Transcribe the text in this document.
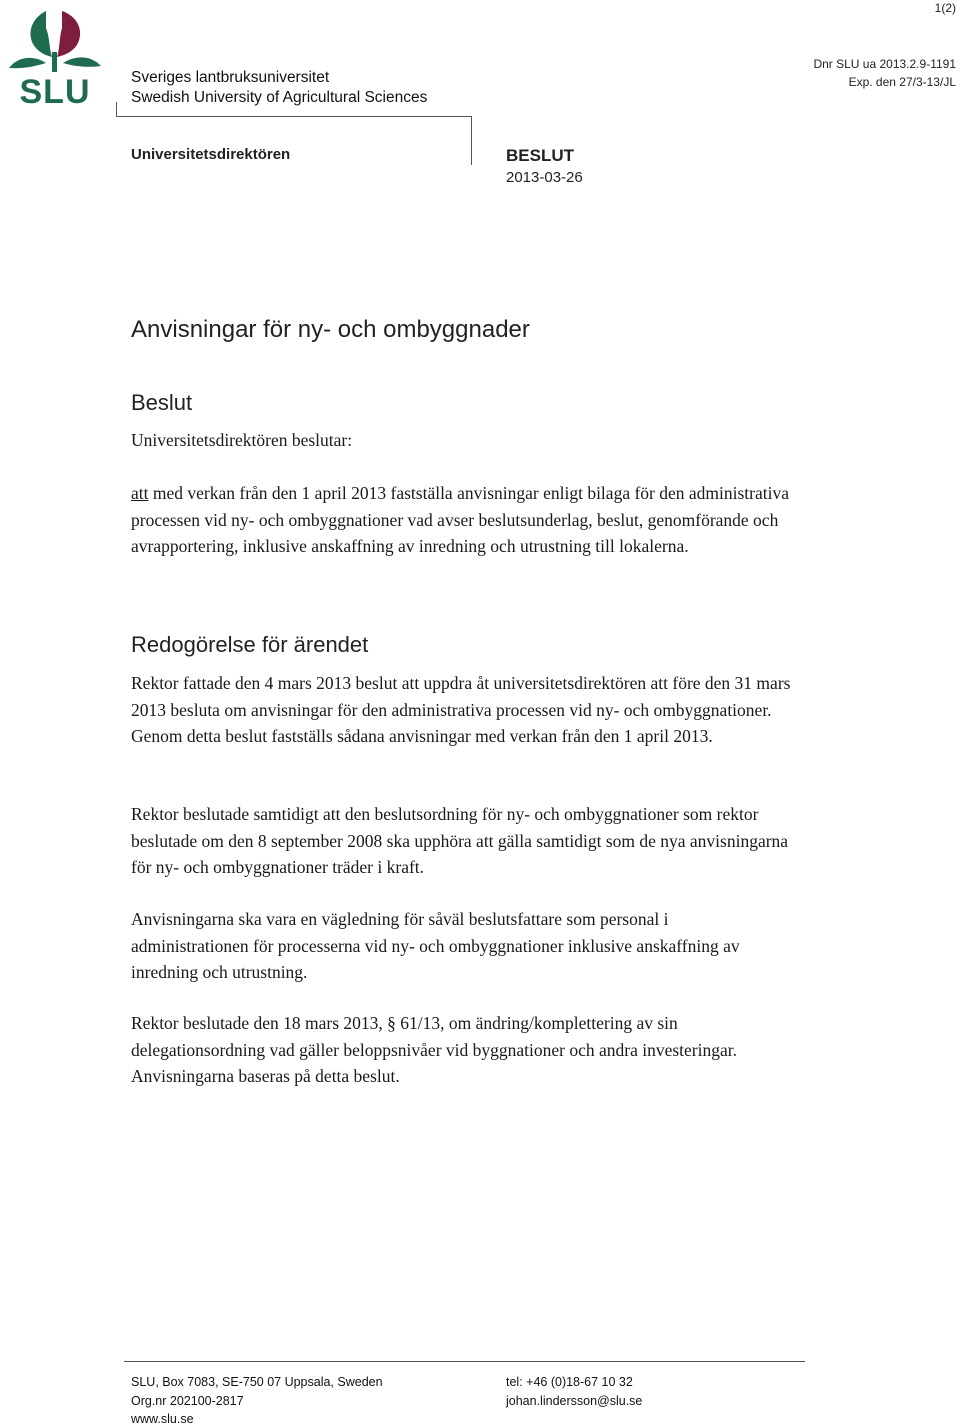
1(2)
SLU	Sveriges lantbruksuniversitet
Swedish University of Agricultural Sciences
Dnr SLU ua 2013.2.9-1191
Exp. den 27/3-13/JL
Universitetsdirektören	BESLUT
2013-03-26
Anvisningar för ny- och ombyggnader
Beslut
Universitetsdirektören beslutar:
att med verkan från den 1 april 2013 fastställa anvisningar enligt bilaga för den administrativa processen vid ny- och ombyggnationer vad avser beslutsunderlag, beslut, genomförande och avrapportering, inklusive anskaffning av inredning och utrustning till lokalerna.
Redogörelse för ärendet
Rektor fattade den 4 mars 2013 beslut att uppdra åt universitetsdirektören att före den 31 mars 2013 besluta om anvisningar för den administrativa processen vid ny- och ombyggnationer. Genom detta beslut fastställs sådana anvisningar med verkan från den 1 april 2013.
Rektor beslutade samtidigt att den beslutsordning för ny- och ombyggnationer som rektor beslutade om den 8 september 2008 ska upphöra att gälla samtidigt som de nya anvisningarna för ny- och ombyggnationer träder i kraft.
Anvisningarna ska vara en vägledning för såväl beslutsfattare som personal i administrationen för processerna vid ny- och ombyggnationer inklusive anskaffning av inredning och utrustning.
Rektor beslutade den 18 mars 2013, § 61/13, om ändring/komplettering av sin delegationsordning vad gäller beloppsnivåer vid byggnationer och andra investeringar. Anvisningarna baseras på detta beslut.
SLU, Box 7083, SE-750 07 Uppsala, Sweden
Org.nr 202100-2817
www.slu.se
tel: +46 (0)18-67 10 32
johan.lindersson@slu.se
